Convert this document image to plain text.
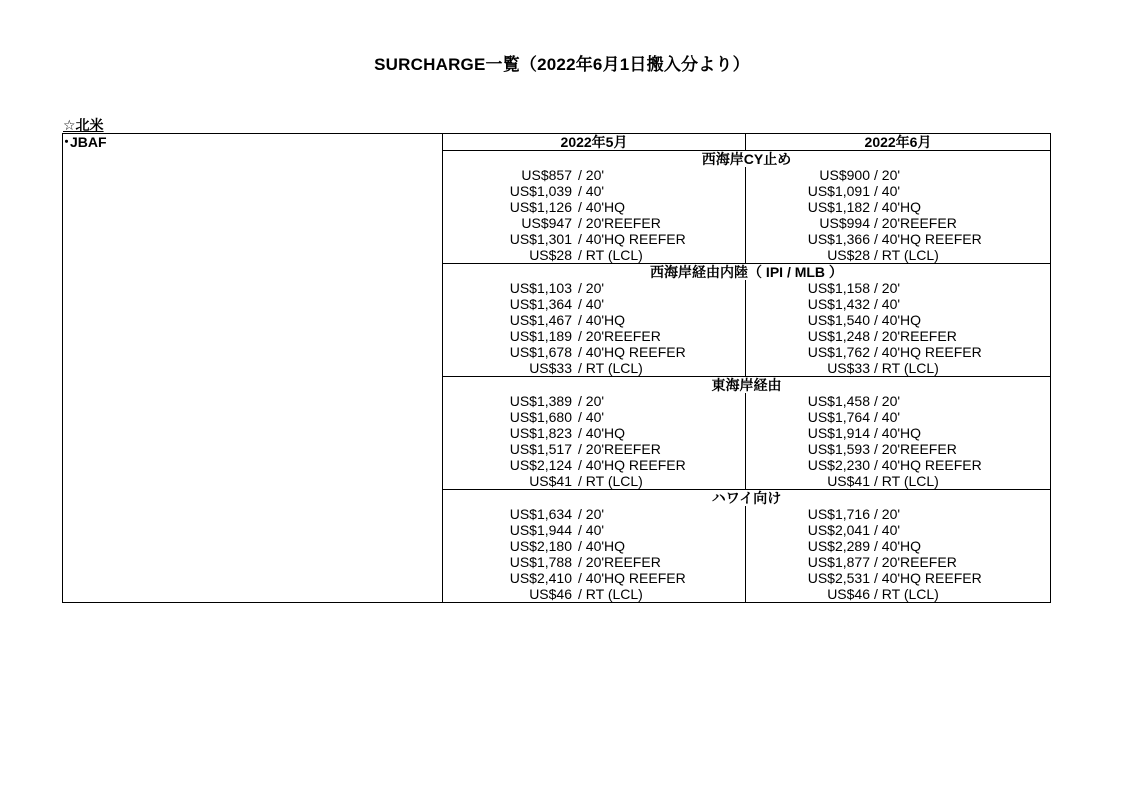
SURCHARGE一覧（2022年6月1日搬入分より）
☆北米
･JBAF	2022年5月	2022年6月
	西海岸CY止め	
	US$857 / 20'	US$900 / 20'
	US$1,039 / 40'	US$1,091 / 40'
	US$1,126 / 40'HQ	US$1,182 / 40'HQ
	US$947 / 20'REEFER	US$994 / 20'REEFER
	US$1,301 / 40'HQ REEFER	US$1,366 / 40'HQ REEFER
	US$28 / RT (LCL)	US$28 / RT (LCL)
	西海岸経由内陸（ IPI / MLB ）	
	US$1,103 / 20'	US$1,158 / 20'
	US$1,364 / 40'	US$1,432 / 40'
	US$1,467 / 40'HQ	US$1,540 / 40'HQ
	US$1,189 / 20'REEFER	US$1,248 / 20'REEFER
	US$1,678 / 40'HQ REEFER	US$1,762 / 40'HQ REEFER
	US$33 / RT (LCL)	US$33 / RT (LCL)
	東海岸経由	
	US$1,389 / 20'	US$1,458 / 20'
	US$1,680 / 40'	US$1,764 / 40'
	US$1,823 / 40'HQ	US$1,914 / 40'HQ
	US$1,517 / 20'REEFER	US$1,593 / 20'REEFER
	US$2,124 / 40'HQ REEFER	US$2,230 / 40'HQ REEFER
	US$41 / RT (LCL)	US$41 / RT (LCL)
	ハワイ向け	
	US$1,634 / 20'	US$1,716 / 20'
	US$1,944 / 40'	US$2,041 / 40'
	US$2,180 / 40'HQ	US$2,289 / 40'HQ
	US$1,788 / 20'REEFER	US$1,877 / 20'REEFER
	US$2,410 / 40'HQ REEFER	US$2,531 / 40'HQ REEFER
	US$46 / RT (LCL)	US$46 / RT (LCL)
